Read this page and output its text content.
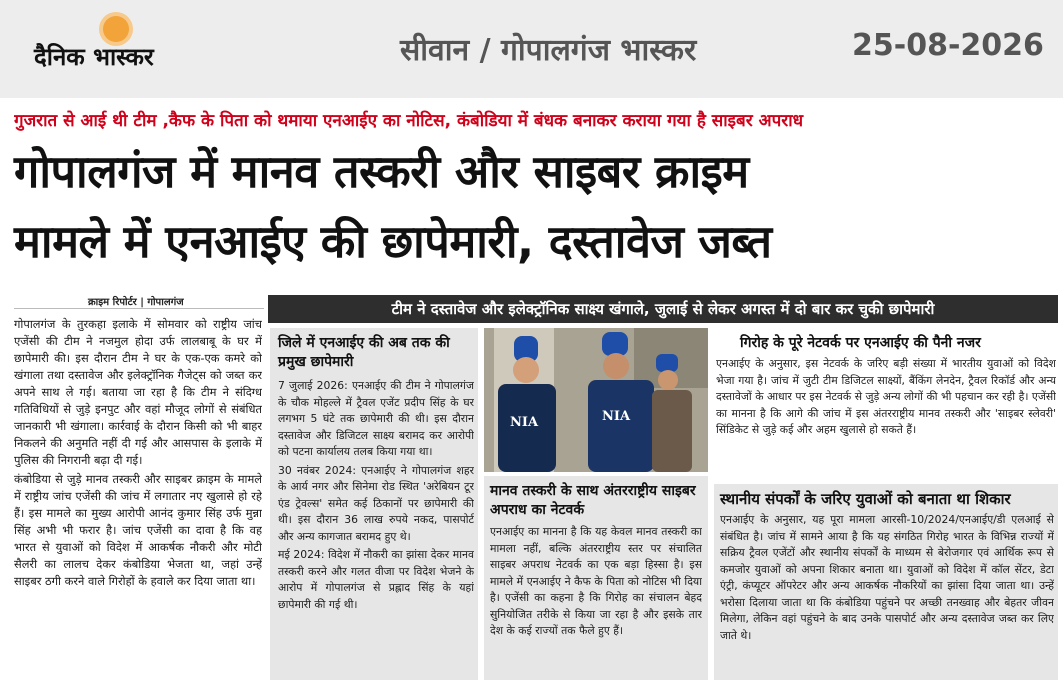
दैनिक भास्कर	सीवान / गोपालगंज भास्कर	25-08-2026
गुजरात से आई थी टीम ,कैफ के पिता को थमाया एनआईए का नोटिस, कंबोडिया में बंधक बनाकर कराया गया है साइबर अपराध
गोपालगंज में मानव तस्करी और साइबर क्राइम
मामले में एनआईए की छापेमारी, दस्तावेज जब्त
क्राइम रिपोर्टर | गोपालगंज	टीम ने दस्तावेज और इलेक्ट्रॉनिक साक्ष्य खंगाले, जुलाई से लेकर अगस्त में दो बार कर चुकी छापेमारी

गोपालगंज के तुरकहा इलाके में सोमवार को राष्ट्रीय जांच एजेंसी की टीम ने नजमुल होदा उर्फ लालबाबू के घर में छापेमारी की। इस दौरान टीम ने घर के एक-एक कमरे को खंगाला तथा दस्तावेज और इलेक्ट्रॉनिक गैजेट्स को जब्त कर अपने साथ ले गई। बताया जा रहा है कि टीम ने संदिग्ध गतिविधियों से जुड़े इनपुट और वहां मौजूद लोगों से संबंधित जानकारी भी खंगाला। कार्रवाई के दौरान किसी को भी बाहर निकलने की अनुमति नहीं दी गई और आसपास के इलाके में पुलिस की निगरानी बढ़ा दी गई।

कंबोडिया से जुड़े मानव तस्करी और साइबर क्राइम के मामले में राष्ट्रीय जांच एजेंसी की जांच में लगातार नए खुलासे हो रहे हैं। इस मामले का मुख्य आरोपी आनंद कुमार सिंह उर्फ मुन्ना सिंह अभी भी फरार है। जांच एजेंसी का दावा है कि वह भारत से युवाओं को विदेश में आकर्षक नौकरी और मोटी सैलरी का लालच देकर कंबोडिया भेजता था, जहां उन्हें साइबर ठगी करने वाले गिरोहों के हवाले कर दिया जाता था।

जिले में एनआईए की अब तक की प्रमुख छापेमारी

7 जुलाई 2026: एनआईए की टीम ने गोपालगंज के चौक मोहल्ले में ट्रैवल एजेंट प्रदीप सिंह के घर लगभग 5 घंटे तक छापेमारी की थी। इस दौरान दस्तावेज और डिजिटल साक्ष्य बरामद कर आरोपी को पटना कार्यालय तलब किया गया था।

30 नवंबर 2024: एनआईए ने गोपालगंज शहर के आर्य नगर और सिनेमा रोड स्थित 'अरेबियन टूर एंड ट्रेवल्स' समेत कई ठिकानों पर छापेमारी की थी। इस दौरान 36 लाख रुपये नकद, पासपोर्ट और अन्य कागजात बरामद हुए थे।

मई 2024: विदेश में नौकरी का झांसा देकर मानव तस्करी करने और गलत वीजा पर विदेश भेजने के आरोप में गोपालगंज से प्रह्लाद सिंह के यहां छापेमारी की गई थी।

NIA	NIA
मानव तस्करी के साथ अंतरराष्ट्रीय साइबर अपराध का नेटवर्क
एनआईए का मानना है कि यह केवल मानव तस्करी का मामला नहीं, बल्कि अंतरराष्ट्रीय स्तर पर संचालित साइबर अपराध नेटवर्क का एक बड़ा हिस्सा है। इस मामले में एनआईए ने कैफ के पिता को नोटिस भी दिया है। एजेंसी का कहना है कि गिरोह का संचालन बेहद सुनियोजित तरीके से किया जा रहा है और इसके तार देश के कई राज्यों तक फैले हुए हैं।
गिरोह के पूरे नेटवर्क पर एनआईए की पैनी नजर
एनआईए के अनुसार, इस नेटवर्क के जरिए बड़ी संख्या में भारतीय युवाओं को विदेश भेजा गया है। जांच में जुटी टीम डिजिटल साक्ष्यों, बैंकिंग लेनदेन, ट्रैवल रिकॉर्ड और अन्य दस्तावेजों के आधार पर इस नेटवर्क से जुड़े अन्य लोगों की भी पहचान कर रही है। एजेंसी का मानना है कि आगे की जांच में इस अंतरराष्ट्रीय मानव तस्करी और 'साइबर स्लेवरी' सिंडिकेट से जुड़े कई और अहम खुलासे हो सकते हैं।
स्थानीय संपर्कों के जरिए युवाओं को बनाता था शिकार
एनआईए के अनुसार, यह पूरा मामला आरसी-10/2024/एनआईए/डी एलआई से संबंधित है। जांच में सामने आया है कि यह संगठित गिरोह भारत के विभिन्न राज्यों में सक्रिय ट्रैवल एजेंटों और स्थानीय संपर्कों के माध्यम से बेरोजगार एवं आर्थिक रूप से कमजोर युवाओं को अपना शिकार बनाता था। युवाओं को विदेश में कॉल सेंटर, डेटा एंट्री, कंप्यूटर ऑपरेटर और अन्य आकर्षक नौकरियों का झांसा दिया जाता था। उन्हें भरोसा दिलाया जाता था कि कंबोडिया पहुंचने पर अच्छी तनख्वाह और बेहतर जीवन मिलेगा, लेकिन वहां पहुंचने के बाद उनके पासपोर्ट और अन्य दस्तावेज जब्त कर लिए जाते थे।
